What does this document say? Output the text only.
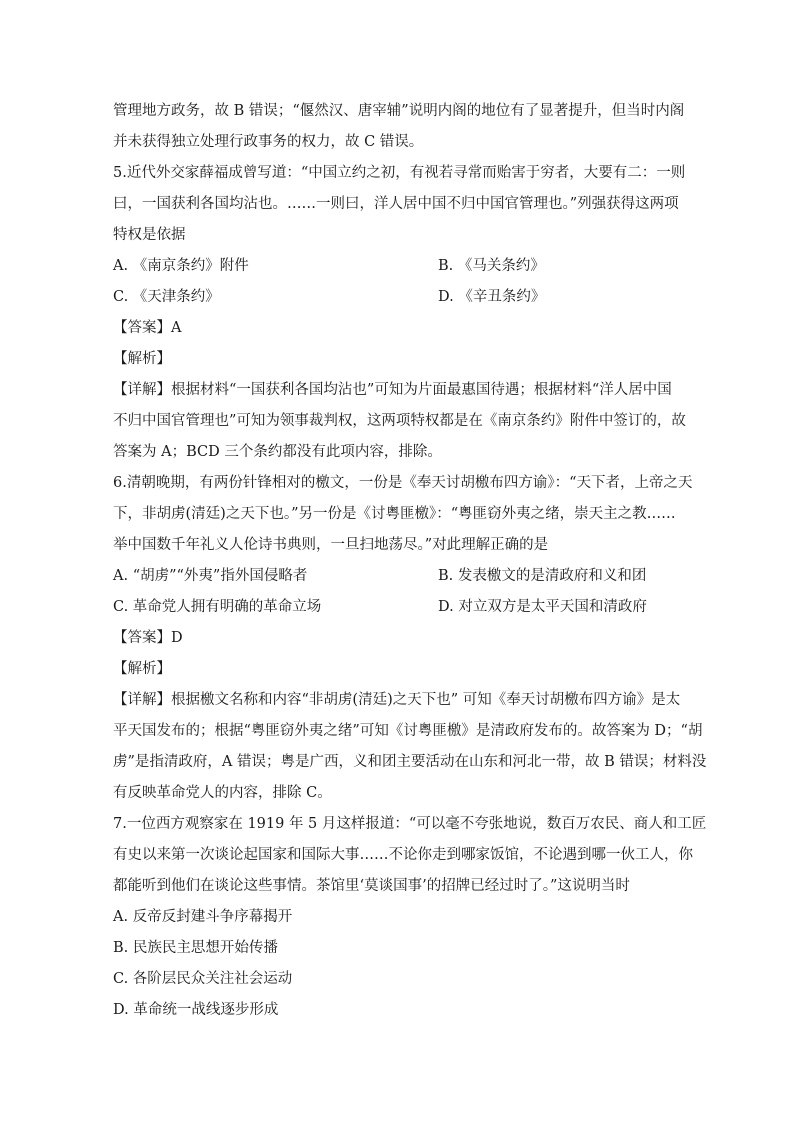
管理地方政务，故 B 错误；“偃然汉、唐宰辅”说明内阁的地位有了显著提升，但当时内阁
并未获得独立处理行政事务的权力，故 C 错误。
5.近代外交家薛福成曾写道：“中国立约之初，有视若寻常而贻害于穷者，大要有二：一则
曰，一国获利各国均沾也。……一则曰，洋人居中国不归中国官管理也。”列强获得这两项
特权是依据
A. 《南京条约》附件	B. 《马关条约》
C. 《天津条约》	D. 《辛丑条约》
【答案】A
【解析】
【详解】根据材料“一国获利各国均沾也”可知为片面最惠国待遇；根据材料“洋人居中国
不归中国官管理也”可知为领事裁判权，这两项特权都是在《南京条约》附件中签订的，故
答案为 A；BCD 三个条约都没有此项内容，排除。
6.清朝晚期，有两份针锋相对的檄文，一份是《奉天讨胡檄布四方谕》：“天下者，上帝之天
下，非胡虏(清廷)之天下也。”另一份是《讨粤匪檄》：“粤匪窃外夷之绪，崇天主之教……
举中国数千年礼义人伦诗书典则，一旦扫地荡尽。”对此理解正确的是
A. “胡虏”“外夷”指外国侵略者	B. 发表檄文的是清政府和义和团
C. 革命党人拥有明确的革命立场	D. 对立双方是太平天国和清政府
【答案】D
【解析】
【详解】根据檄文名称和内容“非胡虏(清廷)之天下也” 可知《奉天讨胡檄布四方谕》是太
平天国发布的；根据“粤匪窃外夷之绪”可知《讨粤匪檄》是清政府发布的。故答案为 D；“胡
虏”是指清政府，A 错误；粤是广西，义和团主要活动在山东和河北一带，故 B 错误；材料没
有反映革命党人的内容，排除 C。
7.一位西方观察家在 1919 年 5 月这样报道：“可以毫不夸张地说，数百万农民、商人和工匠
有史以来第一次谈论起国家和国际大事……不论你走到哪家饭馆，不论遇到哪一伙工人，你
都能听到他们在谈论这些事情。茶馆里‘莫谈国事’的招牌已经过时了。”这说明当时
A. 反帝反封建斗争序幕揭开
B. 民族民主思想开始传播
C. 各阶层民众关注社会运动
D. 革命统一战线逐步形成
